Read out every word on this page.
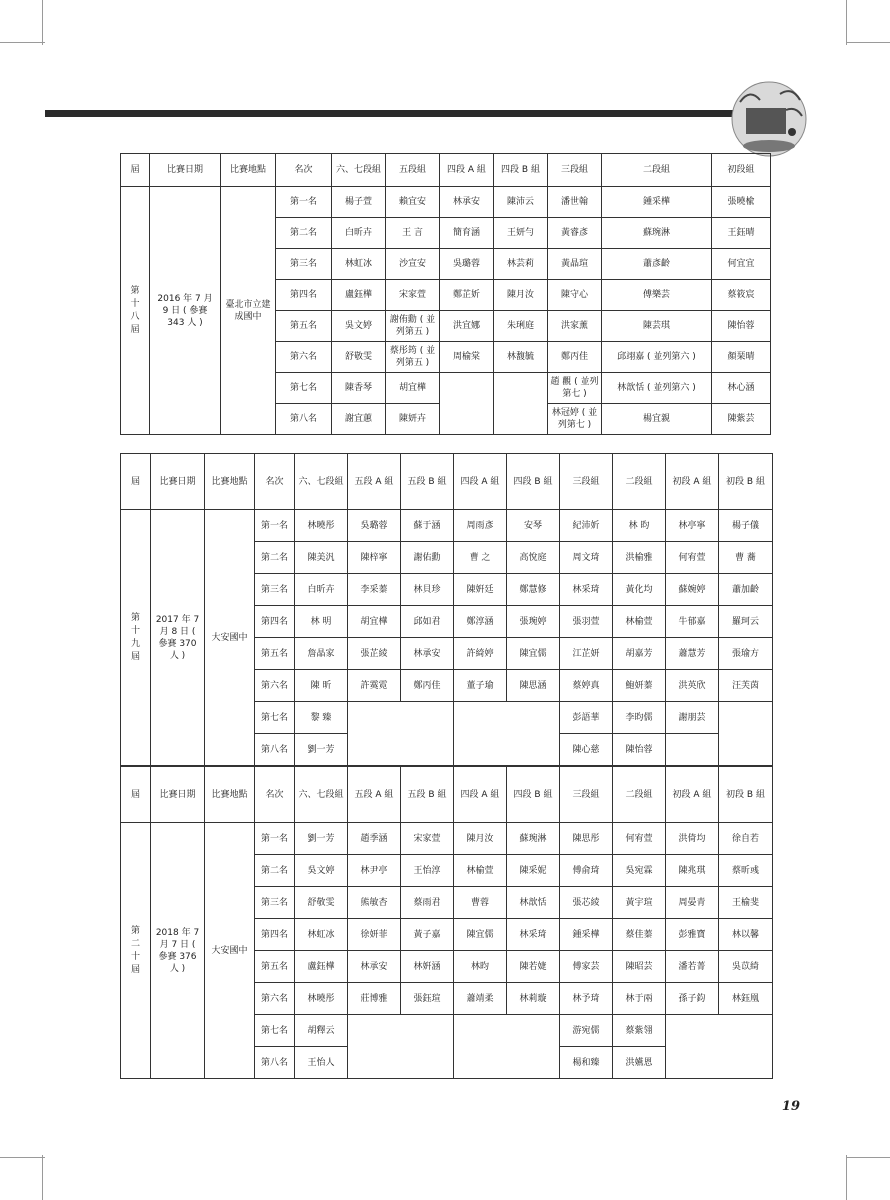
屆	比賽日期	比賽地點	名次	六、七段組	五段組	四段 A 組	四段 B 組	三段組	二段組	初段組
第十八屆	2016 年 7 月 9 日 ( 參賽 343 人 )	臺北市立建成國中	第一名	楊子萱	賴宜安	林承安	陳沛云	潘世翰	鍾采樺	張曉楡
			第二名	白昕卉	王 言	簡育涵	王妍勻	黃睿彥	蘇琬淋	王鈺晴
			第三名	林虹冰	沙宣安	吳璐蓉	林芸莉	黃晶瑄	蕭彥齡	何宜宜
			第四名	盧鈺樺	宋家萱	鄭芷妡	陳月汝	陳守心	傅樂芸	蔡筱宸
			第五名	吳文婷	謝侑勳 ( 並列第五 )	洪宜娜	朱琍庭	洪家薰	陳芸琪	陳怡蓉
			第六名	舒敬雯	蔡彤筠 ( 並列第五 )	周榆棠	林馥毓	鄭丙佳	邱翊嘉 ( 並列第六 )	顏琹晴
			第七名	陳香琴	胡宜樺			趙 觀 ( 並列第七 )	林歆恬 ( 並列第六 )	林心涵
			第八名	謝宜蕙	陳妍卉			林冠婷 ( 並列第七 )	楊宜親	陳紫芸
屆	比賽日期	比賽地點	名次	六、七段組	五段 A 組	五段 B 組	四段 A 組	四段 B 組	三段組	二段組	初段 A 組	初段 B 組
第十九屆	2017 年 7 月 8 日 ( 參賽 370 人 )	大安國中	第一名	林曉彤	吳璐蓉	蘇于涵	周雨彥	安琴	紀沛妡	林 昀	林亭寧	楊子儀
			第二名	陳美汎	陳梓寧	謝佑勳	曹 之	高悅庭	周文琦	洪榆雅	何宥萱	曹 蕎
			第三名	白昕卉	李采蓁	林貝珍	陳姸廷	鄭慧修	林采琦	黃化均	蘇婉婷	蕭加齡
			第四名	林 明	胡宜樺	邱如君	鄭淳涵	張琬婷	張羽萱	林榆萱	牛郁嘉	羅珂云
			第五名	詹晶家	張芷綾	林承安	許綺婷	陳宜儒	江芷妍	胡嘉芳	蕭慧芳	張瑜方
			第六名	陳 昕	許霙霓	鄭丙佳	董子瑜	陳思涵	蔡婷真	鮑妍蓁	洪英欣	汪芙茵
			第七名	黎 臻					彭語華	李昀儒	謝朋芸	
			第八名	劉一芳					陳心慈	陳怡蓉		
屆	比賽日期	比賽地點	名次	六、七段組	五段 A 組	五段 B 組	四段 A 組	四段 B 組	三段組	二段組	初段 A 組	初段 B 組
第二十屆	2018 年 7 月 7 日 ( 參賽 376 人 )	大安國中	第一名	劉一芳	趙季涵	宋家萱	陳月汝	蘇琬淋	陳思彤	何宥萱	洪倚均	徐自若
			第二名	吳文婷	林尹亭	王怡淳	林榆萱	陳采妮	傅俞琦	吳宛霖	陳兆琪	蔡昕彧
			第三名	舒敬雯	熊敏杏	蔡雨君	曹蓉	林歆恬	張芯綾	黃宇瑄	周晏青	王榆斐
			第四名	林虹冰	徐妍菲	黃子嘉	陳宜儒	林采琦	鍾采樺	蔡佳蓁	彭雅寶	林以馨
			第五名	盧鈺樺	林承安	林姸涵	林昀	陳若婕	傅家芸	陳昭芸	潘若菁	吳苡綺
			第六名	林曉彤	莊博雅	張鈺瑄	蕭靖柔	林莉璇	林予琦	林于兩	孫子鈞	林鈺凰
			第七名	胡釋云					游宛儒	蔡紫翎		
			第八名	王怡人					楊和臻	洪嬿恩		
19
